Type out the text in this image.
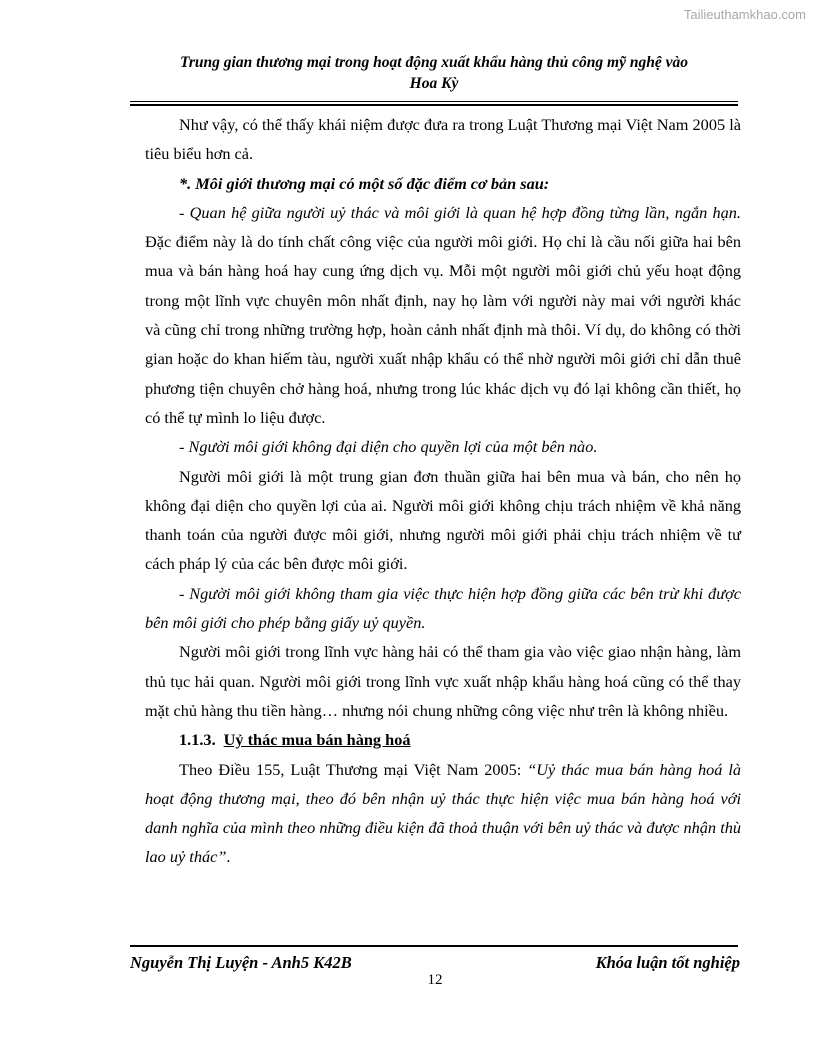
Tailieuthamkhao.com
Trung gian thương mại trong hoạt động xuất khẩu hàng thủ công mỹ nghệ vào
Hoa Kỳ

Như vậy, có thể thấy khái niệm được đưa ra trong Luật Thương mại Việt Nam 2005 là tiêu biểu hơn cả.

*. Môi giới thương mại có một số đặc điểm cơ bản sau:

- Quan hệ giữa người uỷ thác và môi giới là quan hệ hợp đồng từng lần, ngắn hạn. Đặc điểm này là do tính chất công việc của người môi giới. Họ chỉ là cầu nối giữa hai bên mua và bán hàng hoá hay cung ứng dịch vụ. Mỗi một người môi giới chủ yếu hoạt động trong một lĩnh vực chuyên môn nhất định, nay họ làm với người này mai với người khác và cũng chỉ trong những trường hợp, hoàn cảnh nhất định mà thôi. Ví dụ, do không có thời gian hoặc do khan hiếm tàu, người xuất nhập khẩu có thể nhờ người môi giới chỉ dẫn thuê phương tiện chuyên chở hàng hoá, nhưng trong lúc khác dịch vụ đó lại không cần thiết, họ có thể tự mình lo liệu được.

- Người môi giới không đại diện cho quyền lợi của một bên nào.

Người môi giới là một trung gian đơn thuần giữa hai bên mua và bán, cho nên họ không đại diện cho quyền lợi của ai. Người môi giới không chịu trách nhiệm về khả năng thanh toán của người được môi giới, nhưng người môi giới phải chịu trách nhiệm về tư cách pháp lý của các bên được môi giới.

- Người môi giới không tham gia việc thực hiện hợp đồng giữa các bên trừ khi được bên môi giới cho phép bằng giấy uỷ quyền.

Người môi giới trong lĩnh vực hàng hải có thể tham gia vào việc giao nhận hàng, làm thủ tục hải quan. Người môi giới trong lĩnh vực xuất nhập khẩu hàng hoá cũng có thể thay mặt chủ hàng thu tiền hàng… nhưng nói chung những công việc như trên là không nhiều.

1.1.3. Uỷ thác mua bán hàng hoá

Theo Điều 155, Luật Thương mại Việt Nam 2005: “Uỷ thác mua bán hàng hoá là hoạt động thương mại, theo đó bên nhận uỷ thác thực hiện việc mua bán hàng hoá với danh nghĩa của mình theo những điều kiện đã thoả thuận với bên uỷ thác và được nhận thù lao uỷ thác”.

Nguyễn Thị Luyện - Anh5 K42B	Khóa luận tốt nghiệp
12
